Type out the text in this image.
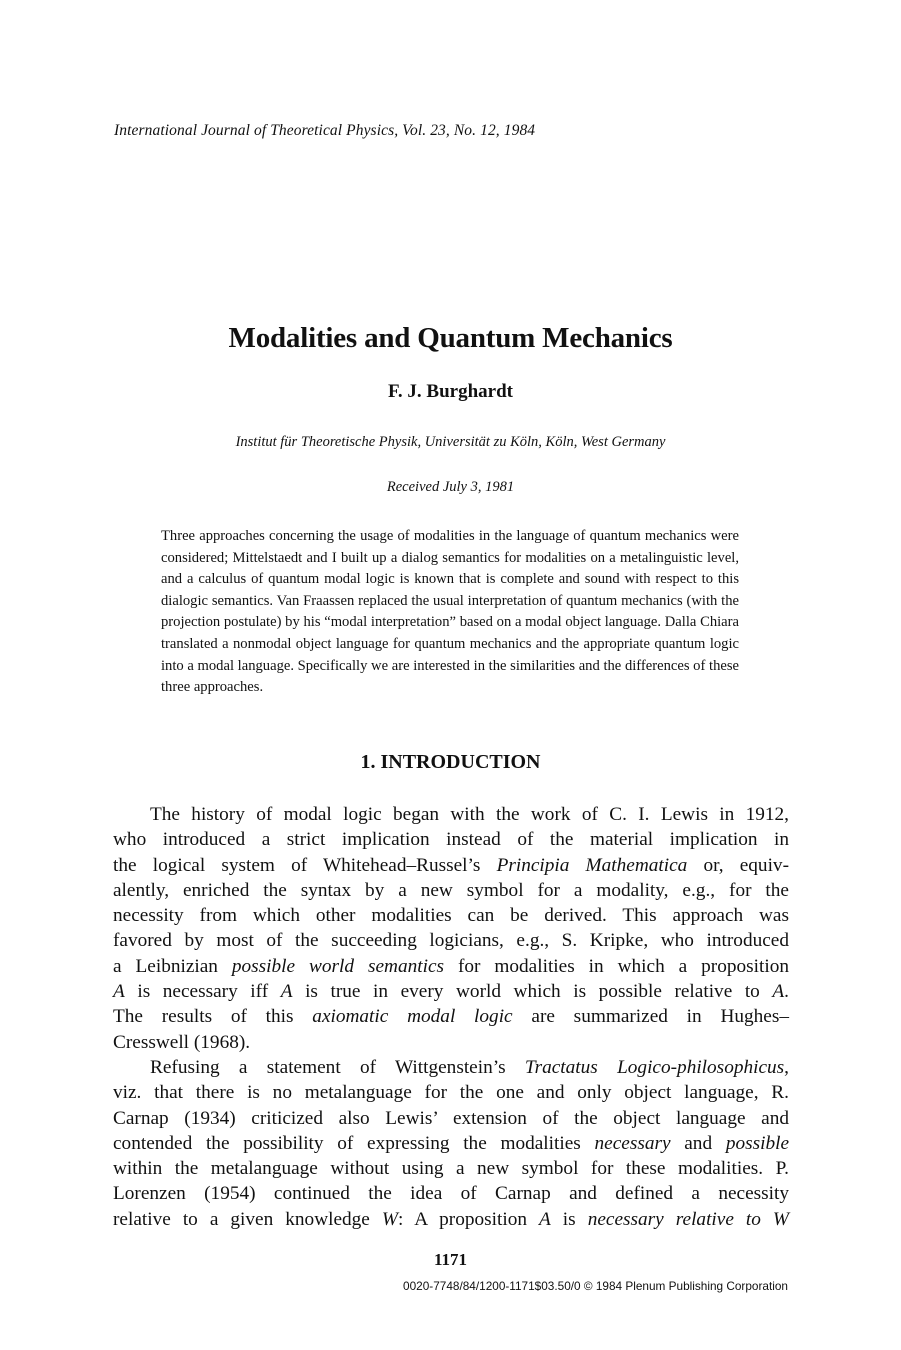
International Journal of Theoretical Physics, Vol. 23, No. 12, 1984
Modalities and Quantum Mechanics
F. J. Burghardt
Institut für Theoretische Physik, Universität zu Köln, Köln, West Germany
Received July 3, 1981
Three approaches concerning the usage of modalities in the language of quantum mechanics were considered; Mittelstaedt and I built up a dialog semantics for modalities on a metalinguistic level, and a calculus of quantum modal logic is known that is complete and sound with respect to this dialogic semantics. Van Fraassen replaced the usual interpretation of quantum mechanics (with the projection postulate) by his “modal interpretation” based on a modal object language. Dalla Chiara translated a nonmodal object language for quantum mechanics and the appropriate quantum logic into a modal language. Specifically we are interested in the similarities and the differences of these three approaches.
1. INTRODUCTION
The history of modal logic began with the work of C. I. Lewis in 1912,
who introduced a strict implication instead of the material implication in
the logical system of Whitehead–Russel’s Principia Mathematica or, equiv-
alently, enriched the syntax by a new symbol for a modality, e.g., for the
necessity from which other modalities can be derived. This approach was
favored by most of the succeeding logicians, e.g., S. Kripke, who introduced
a Leibnizian possible world semantics for modalities in which a proposition
A is necessary iff A is true in every world which is possible relative to A.
The results of this axiomatic modal logic are summarized in Hughes–
Cresswell (1968).
Refusing a statement of Wittgenstein’s Tractatus Logico-philosophicus,
viz. that there is no metalanguage for the one and only object language, R.
Carnap (1934) criticized also Lewis’ extension of the object language and
contended the possibility of expressing the modalities necessary and possible
within the metalanguage without using a new symbol for these modalities. P.
Lorenzen (1954) continued the idea of Carnap and defined a necessity
relative to a given knowledge W: A proposition A is necessary relative to W
1171
0020-7748/84/1200-1171$03.50/0 © 1984 Plenum Publishing Corporation
